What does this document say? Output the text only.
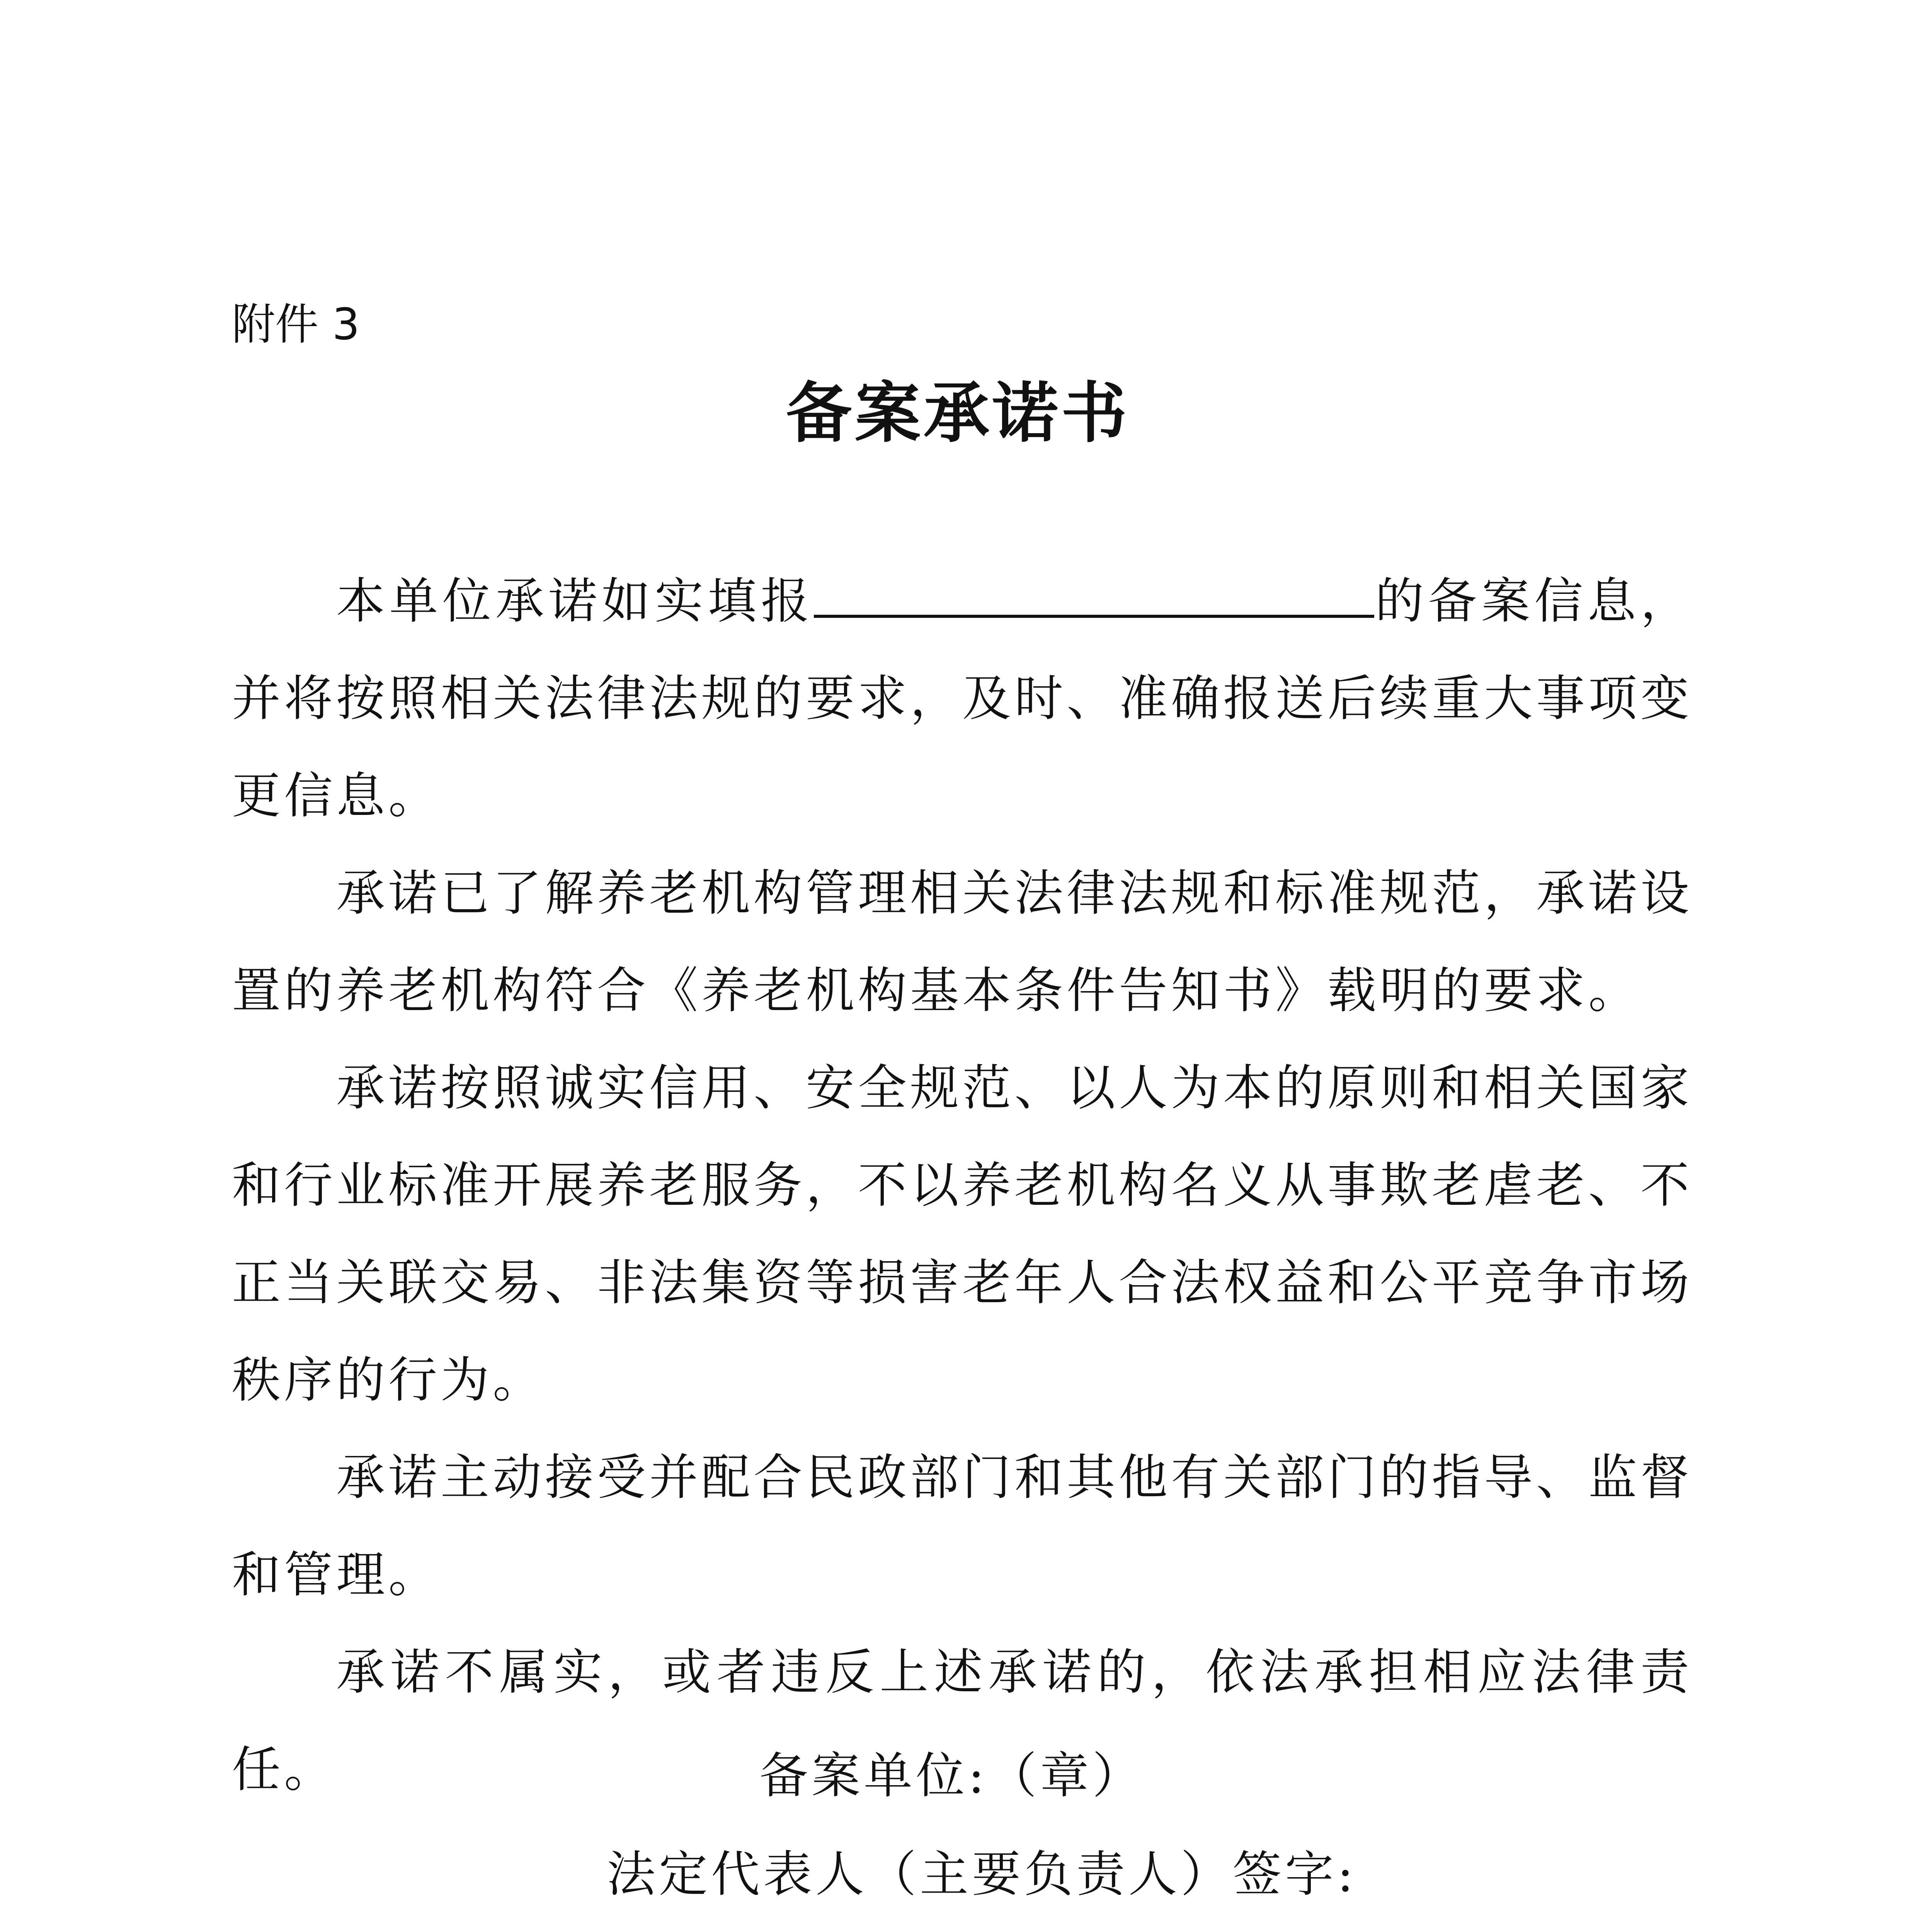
附件 3
备案承诺书

本单位承诺如实填报	的备案信息，并将按照相关法律法规的要求，及时、准确报送后续重大事项变更信息。

承诺已了解养老机构管理相关法律法规和标准规范，承诺设置的养老机构符合《养老机构基本条件告知书》载明的要求。

承诺按照诚实信用、安全规范、以人为本的原则和相关国家和行业标准开展养老服务，不以养老机构名义从事欺老虐老、不正当关联交易、非法集资等损害老年人合法权益和公平竞争市场秩序的行为。

承诺主动接受并配合民政部门和其他有关部门的指导、监督和管理。

承诺不属实，或者违反上述承诺的，依法承担相应法律责任。	备案单位:（章）
法定代表人（主要负责人）签字:
